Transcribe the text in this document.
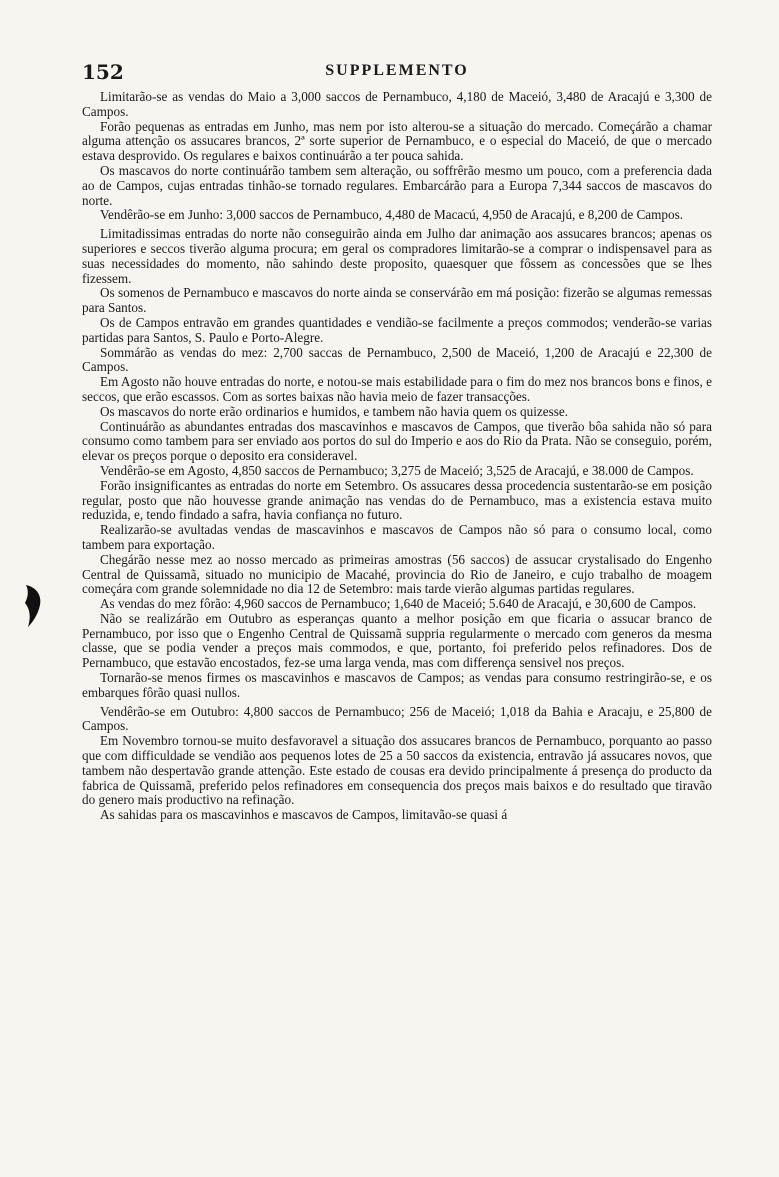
152	SUPPLEMENTO

Limitarão-se as vendas do Maio a 3,000 saccos de Pernambuco, 4,180 de Maceió, 3,480 de Aracajú e 3,300 de Campos.

Forão pequenas as entradas em Junho, mas nem por isto alterou-se a situação do mercado. Começárão a chamar alguma attenção os assucares brancos, 2ª sorte superior de Pernambuco, e o especial do Maceió, de que o mercado estava desprovido. Os regulares e baixos continuárão a ter pouca sahida.

Os mascavos do norte continuárão tambem sem alteração, ou soffrêrão mesmo um pouco, com a preferencia dada ao de Campos, cujas entradas tinhão-se tornado regulares. Embarcárão para a Europa 7,344 saccos de mascavos do norte.

Vendêrão-se em Junho: 3,000 saccos de Pernambuco, 4,480 de Macacú, 4,950 de Aracajú, e 8,200 de Campos.

Limitadissimas entradas do norte não conseguirão ainda em Julho dar animação aos assucares brancos; apenas os superiores e seccos tiverão alguma procura; em geral os compradores limitarão-se a comprar o indispensavel para as suas necessidades do momento, não sahindo deste proposito, quaesquer que fôssem as concessões que se lhes fizessem.

Os somenos de Pernambuco e mascavos do norte ainda se conservárão em má posição: fizerão se algumas remessas para Santos.

Os de Campos entravão em grandes quantidades e vendião-se facilmente a preços commodos; venderão-se varias partidas para Santos, S. Paulo e Porto-Alegre.

Sommárão as vendas do mez: 2,700 saccas de Pernambuco, 2,500 de Maceió, 1,200 de Aracajú e 22,300 de Campos.

Em Agosto não houve entradas do norte, e notou-se mais estabilidade para o fim do mez nos brancos bons e finos, e seccos, que erão escassos. Com as sortes baixas não havia meio de fazer transacções.

Os mascavos do norte erão ordinarios e humidos, e tambem não havia quem os quizesse.

Continuárão as abundantes entradas dos mascavinhos e mascavos de Campos, que tiverão bôa sahida não só para consumo como tambem para ser enviado aos portos do sul do Imperio e aos do Rio da Prata. Não se conseguio, porém, elevar os preços porque o deposito era consideravel.

Vendêrão-se em Agosto, 4,850 saccos de Pernambuco; 3,275 de Maceió; 3,525 de Aracajú, e 38.000 de Campos.

Forão insignificantes as entradas do norte em Setembro. Os assucares dessa procedencia sustentarão-se em posição regular, posto que não houvesse grande animação nas vendas do de Pernambuco, mas a existencia estava muito reduzida, e, tendo findado a safra, havia confiança no futuro.

Realizarão-se avultadas vendas de mascavinhos e mascavos de Campos não só para o consumo local, como tambem para exportação.

Chegárão nesse mez ao nosso mercado as primeiras amostras (56 saccos) de assucar crystalisado do Engenho Central de Quissamã, situado no municipio de Macahé, provincia do Rio de Janeiro, e cujo trabalho de moagem começára com grande solemnidade no dia 12 de Setembro: mais tarde vierão algumas partidas regulares.

As vendas do mez fôrão: 4,960 saccos de Pernambuco; 1,640 de Maceió; 5.640 de Aracajú, e 30,600 de Campos.

Não se realizárão em Outubro as esperanças quanto a melhor posição em que ficaria o assucar branco de Pernambuco, por isso que o Engenho Central de Quissamã suppria regularmente o mercado com generos da mesma classe, que se podia vender a preços mais commodos, e que, portanto, foi preferido pelos refinadores. Dos de Pernambuco, que estavão encostados, fez-se uma larga venda, mas com differença sensivel nos preços.

Tornarão-se menos firmes os mascavinhos e mascavos de Campos; as vendas para consumo restringirão-se, e os embarques fôrão quasi nullos.

Vendêrão-se em Outubro: 4,800 saccos de Pernambuco; 256 de Maceió; 1,018 da Bahia e Aracaju, e 25,800 de Campos.

Em Novembro tornou-se muito desfavoravel a situação dos assucares brancos de Pernambuco, porquanto ao passo que com difficuldade se vendião aos pequenos lotes de 25 a 50 saccos da existencia, entravão já assucares novos, que tambem não despertavão grande attenção. Este estado de cousas era devido principalmente á presença do producto da fabrica de Quissamã, preferido pelos refinadores em consequencia dos preços mais baixos e do resultado que tiravão do genero mais productivo na refinação.

As sahidas para os mascavinhos e mascavos de Campos, limitavão-se quasi á
